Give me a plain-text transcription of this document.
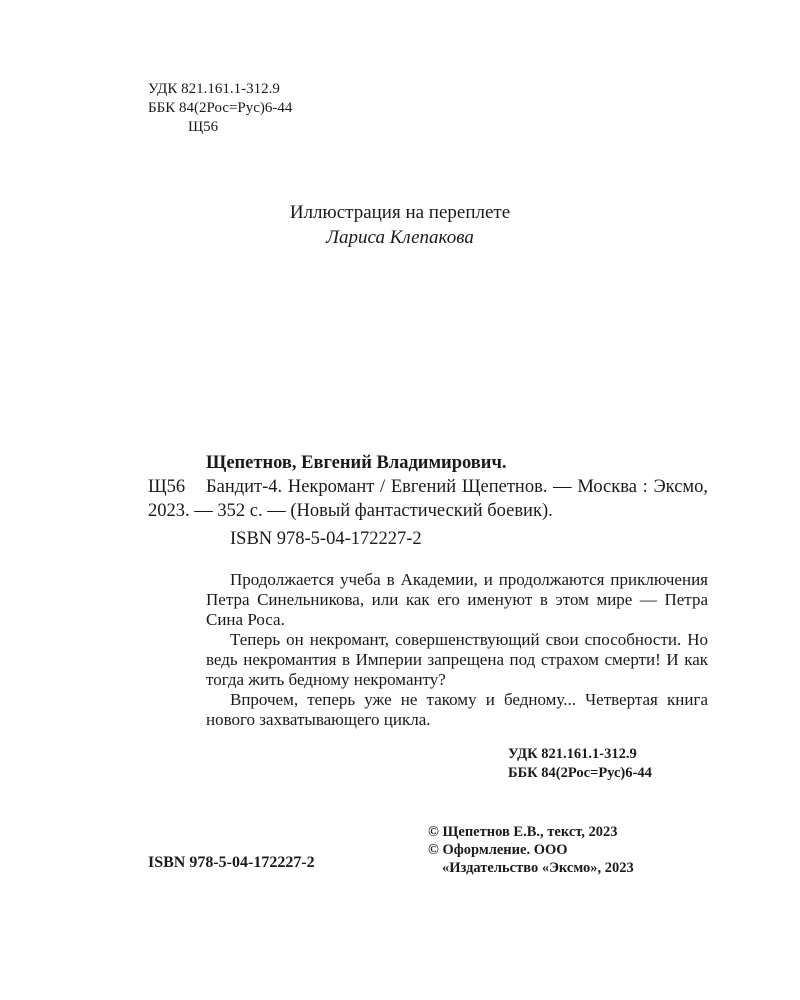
УДК 821.161.1-312.9
ББК 84(2Рос=Рус)6-44
Щ56
Иллюстрация на переплете
Лариса Клепакова
Щепетнов, Евгений Владимирович.
Щ56 Бандит-4. Некромант / Евгений Щепетнов. — Москва : Эксмо, 2023. — 352 с. — (Новый фантастический боевик).
ISBN 978-5-04-172227-2

Продолжается учеба в Академии, и продолжаются приключения Петра Синельникова, или как его именуют в этом мире — Петра Сина Роса.

Теперь он некромант, совершенствующий свои способности. Но ведь некромантия в Империи запрещена под страхом смерти! И как тогда жить бедному некроманту?

Впрочем, теперь уже не такому и бедному... Четвертая книга нового захватывающего цикла.

УДК 821.161.1-312.9
ББК 84(2Рос=Рус)6-44
© Щепетнов Е.В., текст, 2023
© Оформление. ООО
«Издательство «Эксмо», 2023
ISBN 978-5-04-172227-2
